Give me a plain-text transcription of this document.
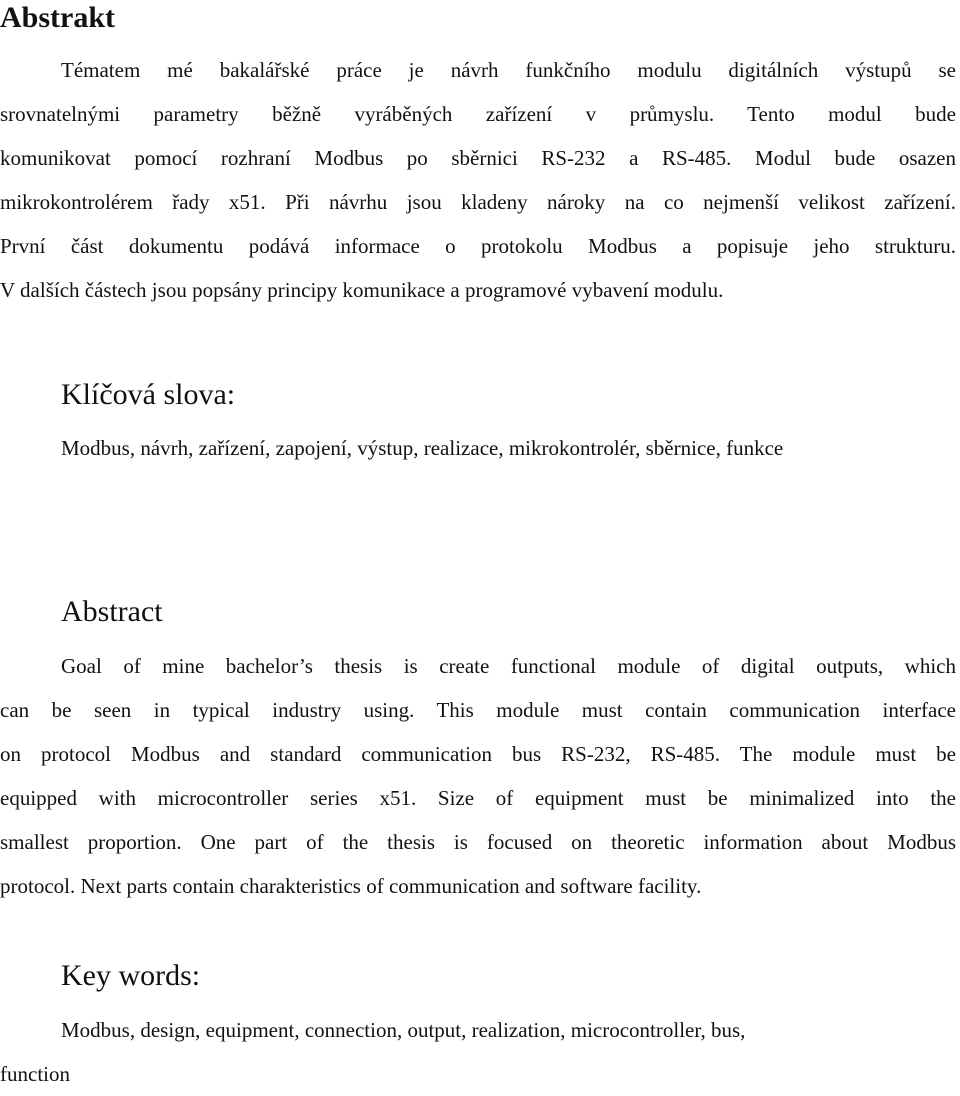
Abstrakt
Tématem mé bakalářské práce je návrh funkčního modulu digitálních výstupů se
srovnatelnými parametry běžně vyráběných zařízení v průmyslu. Tento modul bude
komunikovat pomocí rozhraní Modbus po sběrnici RS-232 a RS-485. Modul bude osazen
mikrokontrolérem řady x51. Při návrhu jsou kladeny nároky na co nejmenší velikost zařízení.
První část dokumentu podává informace o protokolu Modbus a popisuje jeho strukturu.
V dalších částech jsou popsány principy komunikace a programové vybavení modulu.
Klíčová slova:
Modbus, návrh, zařízení, zapojení, výstup, realizace, mikrokontrolér, sběrnice, funkce
Abstract
Goal of mine bachelor’s thesis is create functional module of digital outputs, which
can be seen in typical industry using. This module must contain communication interface
on protocol Modbus and standard communication bus RS-232, RS-485. The module must be
equipped with microcontroller series x51. Size of equipment must be minimalized into the
smallest proportion. One part of the thesis is focused on theoretic information about Modbus
protocol. Next parts contain charakteristics of communication and software facility.
Key words:
Modbus, design, equipment, connection, output, realization, microcontroller, bus,
function
